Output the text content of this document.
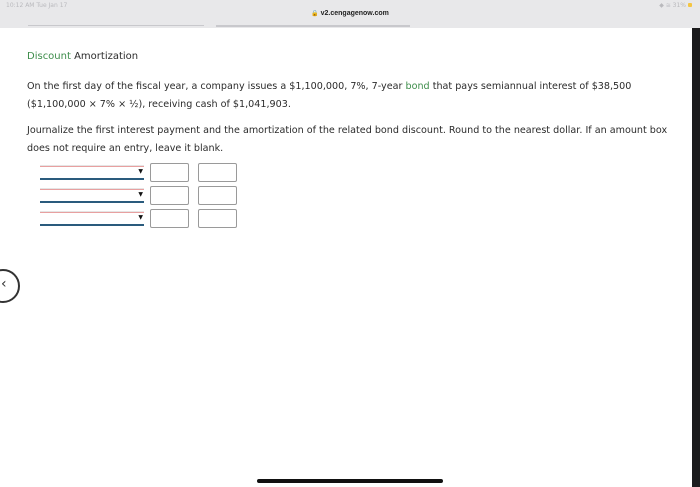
10:12 AM Tue Jan 17
🔒 v2.cengagenow.com
◆ ≅ 31%
Discount Amortization
On the first day of the fiscal year, a company issues a $1,100,000, 7%, 7-year bond that pays semiannual interest of $38,500 ($1,100,000 × 7% × ½), receiving cash of $1,041,903.
Journalize the first interest payment and the amortization of the related bond discount. Round to the nearest dollar. If an amount box does not require an entry, leave it blank.
▼
▼
▼
‹
